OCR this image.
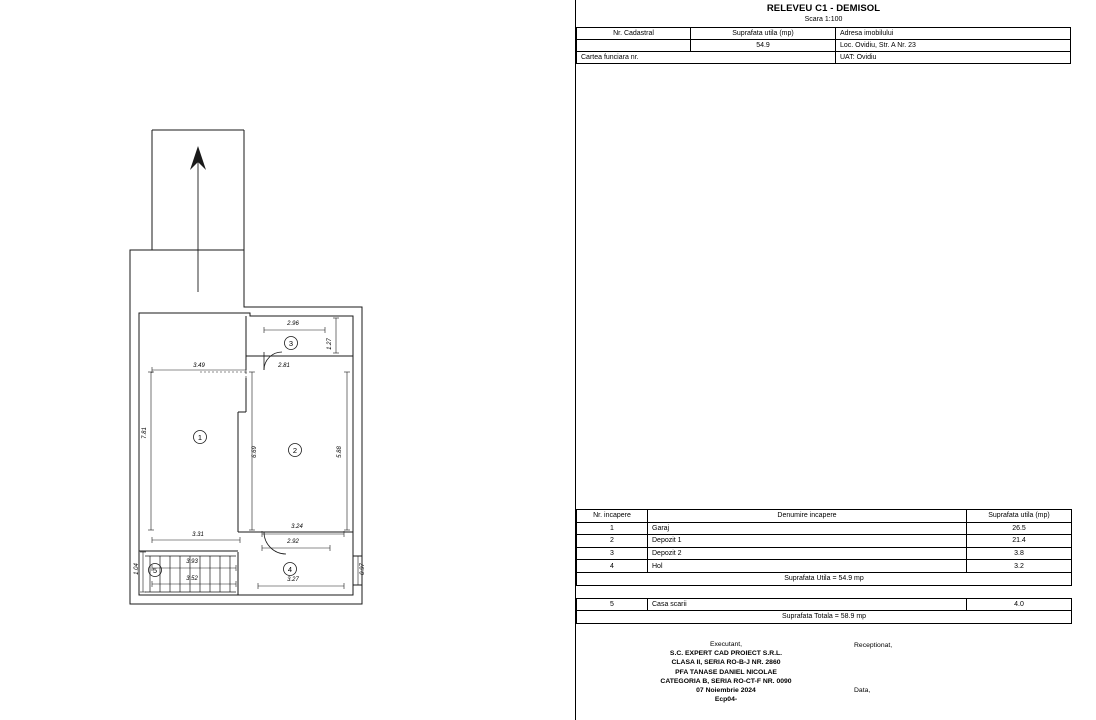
1
2
3
4
5
2.96
1.27
3.49	2.81
7.81
6.69	5.88
3.31
3.24
2.92
3.27
0.97
1.04
3.93
3.52
RELEVEU C1 - DEMISOL
Scara 1:100
Nr. Cadastral	Suprafata utila (mp)	Adresa imobilului
	54.9	Loc. Ovidiu, Str. A Nr. 23
Cartea funciara nr.		UAT: Ovidiu
Nr. incapere	Denumire incapere	Suprafata utila (mp)
1	Garaj	26.5
2	Depozit 1	21.4
3	Depozit 2	3.8
4	Hol	3.2
Suprafata Utila = 54.9 mp		

5	Casa scarii	4.0
Suprafata Totala = 58.9 mp		
Executant,
S.C. EXPERT CAD PROIECT S.R.L.
CLASA II, SERIA RO-B-J NR. 2860
PFA TANASE DANIEL NICOLAE
CATEGORIA B, SERIA RO-CT-F NR. 0090
07 Noiembrie 2024
Ecp04-
Receptionat,
Data,
